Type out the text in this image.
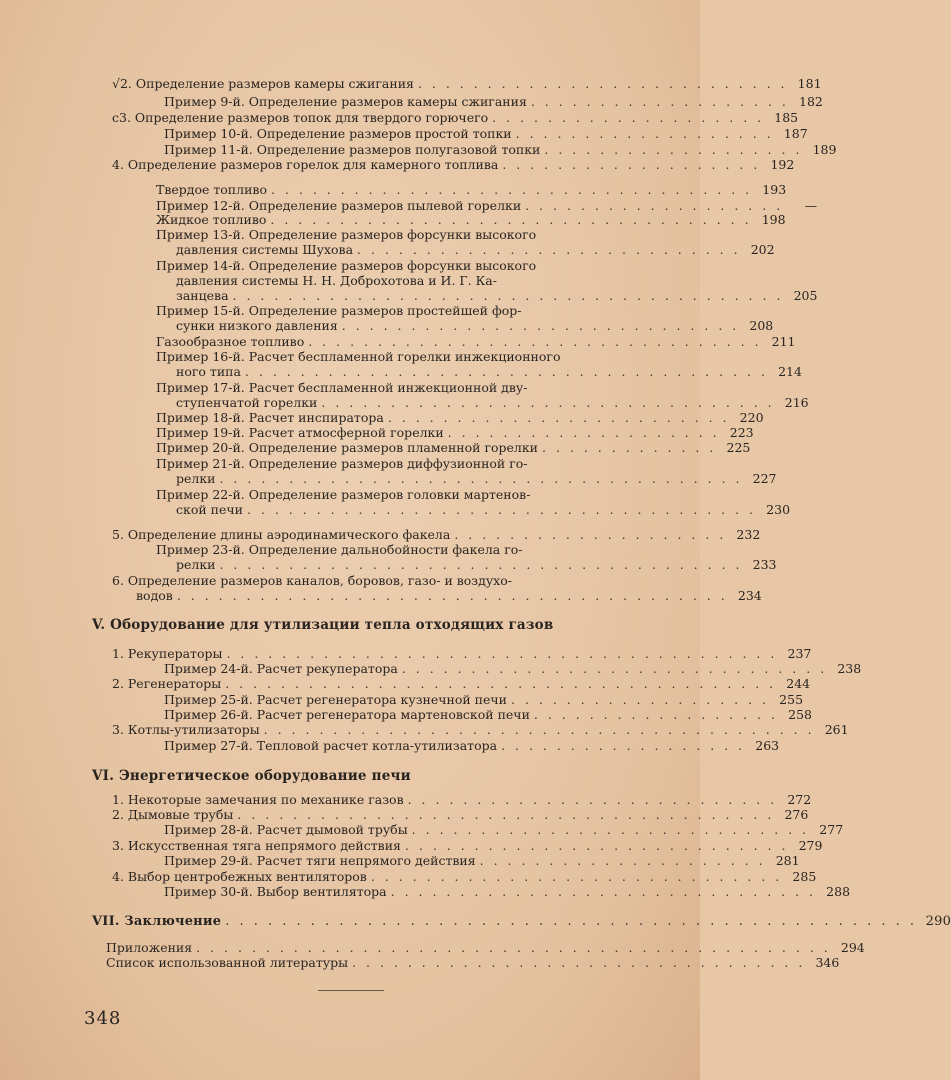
√2. Определение размеров камеры сжигания . . . . . . . . . . . . . . . . . . . . . . . . . . . 181
Пример 9-й. Определение размеров камеры сжигания . . . . . . . . . . . . . . . . . . . 182
ⅽ3. Определение размеров топок для твердого горючего . . . . . . . . . . . . . . . . . . . . 185
Пример 10-й. Определение размеров простой топки . . . . . . . . . . . . . . . . . . . 187
Пример 11-й. Определение размеров полугазовой топки . . . . . . . . . . . . . . . . . . . 189
4. Определение размеров горелок для камерного топлива . . . . . . . . . . . . . . . . . . . 192
Твердое топливо . . . . . . . . . . . . . . . . . . . . . . . . . . . . . . . . . . . 193
Пример 12-й. Определение размеров пылевой горелки . . . . . . . . . . . . . . . . . . .	—
Жидкое топливо . . . . . . . . . . . . . . . . . . . . . . . . . . . . . . . . . . . 198
Пример 13-й. Определение размеров форсунки высокого
давления системы Шухова . . . . . . . . . . . . . . . . . . . . . . . . . . . . 202
Пример 14-й. Определение размеров форсунки высокого
давления системы Н. Н. Доброхотова и И. Г. Ка-
занцева . . . . . . . . . . . . . . . . . . . . . . . . . . . . . . . . . . . . . . . . 205
Пример 15-й. Определение размеров простейшей фор-
сунки низкого давления . . . . . . . . . . . . . . . . . . . . . . . . . . . . . 208
Газообразное топливо . . . . . . . . . . . . . . . . . . . . . . . . . . . . . . . . . 211
Пример 16-й. Расчет беспламенной горелки инжекционного
ного типа . . . . . . . . . . . . . . . . . . . . . . . . . . . . . . . . . . . . . . 214
Пример 17-й. Расчет беспламенной инжекционной дву-
ступенчатой горелки . . . . . . . . . . . . . . . . . . . . . . . . . . . . . . . . . 216
Пример 18-й. Расчет инспиратора . . . . . . . . . . . . . . . . . . . . . . . . . 220
Пример 19-й. Расчет атмосферной горелки . . . . . . . . . . . . . . . . . . . . 223
Пример 20-й. Определение размеров пламенной горелки . . . . . . . . . . . . . 225
Пример 21-й. Определение размеров диффузионной го-
релки . . . . . . . . . . . . . . . . . . . . . . . . . . . . . . . . . . . . . . 227
Пример 22-й. Определение размеров головки мартенов-
ской печи . . . . . . . . . . . . . . . . . . . . . . . . . . . . . . . . . . . . . 230
5. Определение длины аэродинамического факела . . . . . . . . . . . . . . . . . . . . 232
Пример 23-й. Определение дальнобойности факела го-
релки . . . . . . . . . . . . . . . . . . . . . . . . . . . . . . . . . . . . . . 233
6. Определение размеров каналов, боровов, газо- и воздухо-
водов . . . . . . . . . . . . . . . . . . . . . . . . . . . . . . . . . . . . . . . . 234
V. Оборудование для утилизации тепла отходящих газов
1. Рекуператоры . . . . . . . . . . . . . . . . . . . . . . . . . . . . . . . . . . . . . . . . 237
Пример 24-й. Расчет рекуператора . . . . . . . . . . . . . . . . . . . . . . . . . . . . . . . 238
2. Регенераторы . . . . . . . . . . . . . . . . . . . . . . . . . . . . . . . . . . . . . . . . 244
Пример 25-й. Расчет регенератора кузнечной печи . . . . . . . . . . . . . . . . . . . 255
Пример 26-й. Расчет регенератора мартеновской печи . . . . . . . . . . . . . . . . . . 258
3. Котлы-утилизаторы . . . . . . . . . . . . . . . . . . . . . . . . . . . . . . . . . . . . . . . . 261
Пример 27-й. Тепловой расчет котла-утилизатора . . . . . . . . . . . . . . . . . . 263
VI. Энергетическое оборудование печи
1. Некоторые замечания по механике газов . . . . . . . . . . . . . . . . . . . . . . . . . . . 272
2. Дымовые трубы . . . . . . . . . . . . . . . . . . . . . . . . . . . . . . . . . . . . . . . 276
Пример 28-й. Расчет дымовой трубы . . . . . . . . . . . . . . . . . . . . . . . . . . . . . 277
3. Искусственная тяга непрямого действия . . . . . . . . . . . . . . . . . . . . . . . . . . . . 279
Пример 29-й. Расчет тяги непрямого действия . . . . . . . . . . . . . . . . . . . . . 281
4. Выбор центробежных вентиляторов . . . . . . . . . . . . . . . . . . . . . . . . . . . . . . 285
Пример 30-й. Выбор вентилятора . . . . . . . . . . . . . . . . . . . . . . . . . . . . . . . 288
VII. Заключение . . . . . . . . . . . . . . . . . . . . . . . . . . . . . . . . . . . . . . . . . . . . . . . . . 290
Приложения . . . . . . . . . . . . . . . . . . . . . . . . . . . . . . . . . . . . . . . . . . . . . . 294
Список использованной литературы . . . . . . . . . . . . . . . . . . . . . . . . . . . . . . . . . 346
348
